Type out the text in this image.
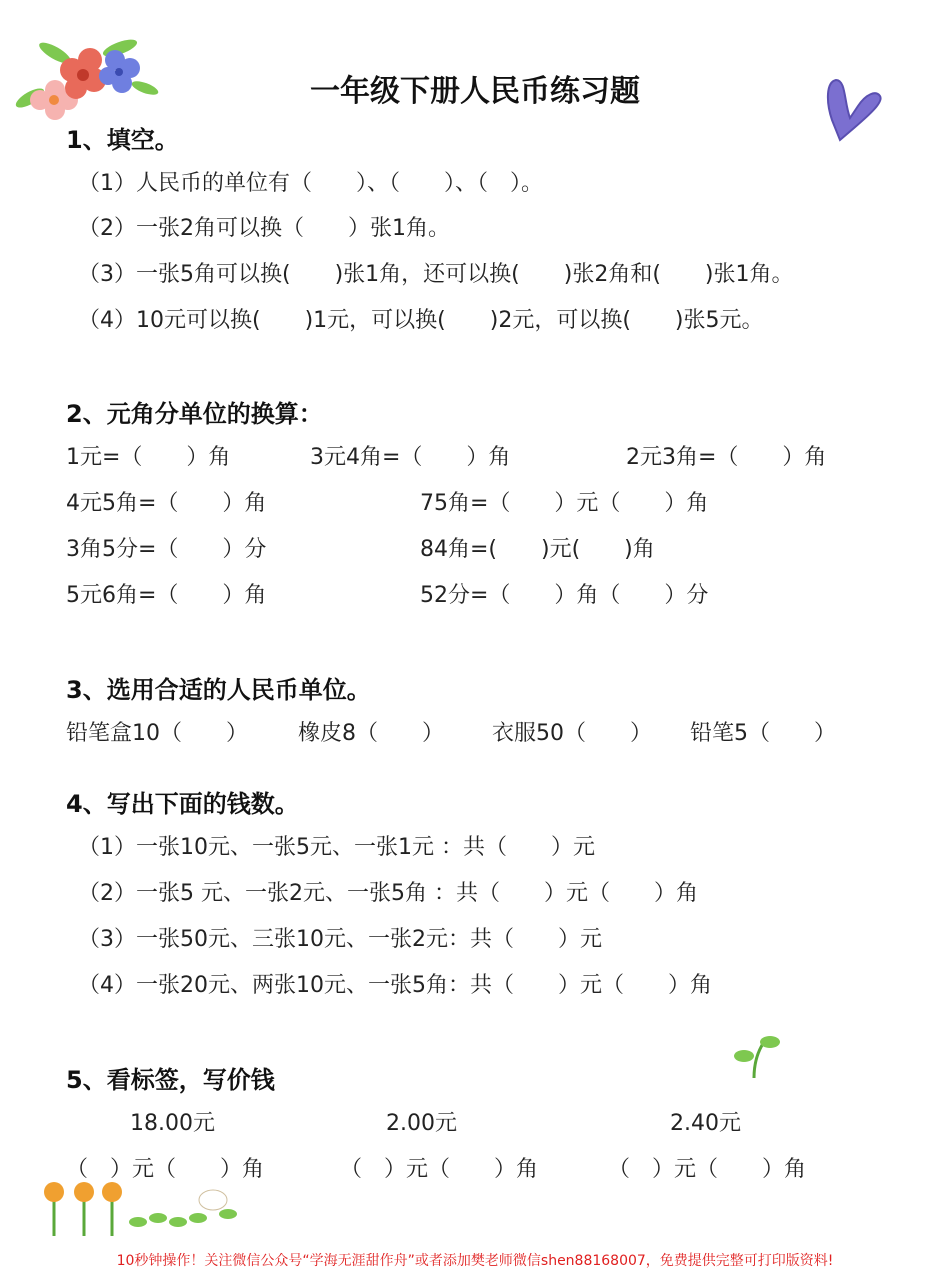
一年级下册人民币练习题
1、填空。
（1）人民币的单位有（　　）、（　　）、（　）。
（2）一张2角可以换（　　）张1角。
（3）一张5角可以换(　　)张1角，还可以换(　　)张2角和(　　)张1角。
（4）10元可以换(　　)1元，可以换(　　)2元，可以换(　　)张5元。
2、元角分单位的换算：
1元=（　　）角	3元4角=（　　）角	2元3角=（　　）角
4元5角=（　　）角	75角=（　　）元（　　）角
3角5分=（　　）分	84角=(　　)元(　　)角
5元6角=（　　）角	52分=（　　）角（　　）分
3、选用合适的人民币单位。
铅笔盒10（　　） 橡皮8（　　） 衣服50（　　） 铅笔5（　　）
4、写出下面的钱数。
（1）一张10元、一张5元、一张1元 ：共（　　）元
（2）一张5 元、一张2元、一张5角 ：共（　　）元（　　）角
（3）一张50元、三张10元、一张2元：共（　　）元
（4）一张20元、两张10元、一张5角：共（　　）元（　　）角
5、看标签，写价钱
18.00元	2.00元	2.40元
（　）元（　　）角	（　）元（　　）角	（　）元（　　）角
10秒钟操作！关注微信公众号“学海无涯甜作舟”或者添加樊老师微信shen88168007，免费提供完整可打印版资料!
